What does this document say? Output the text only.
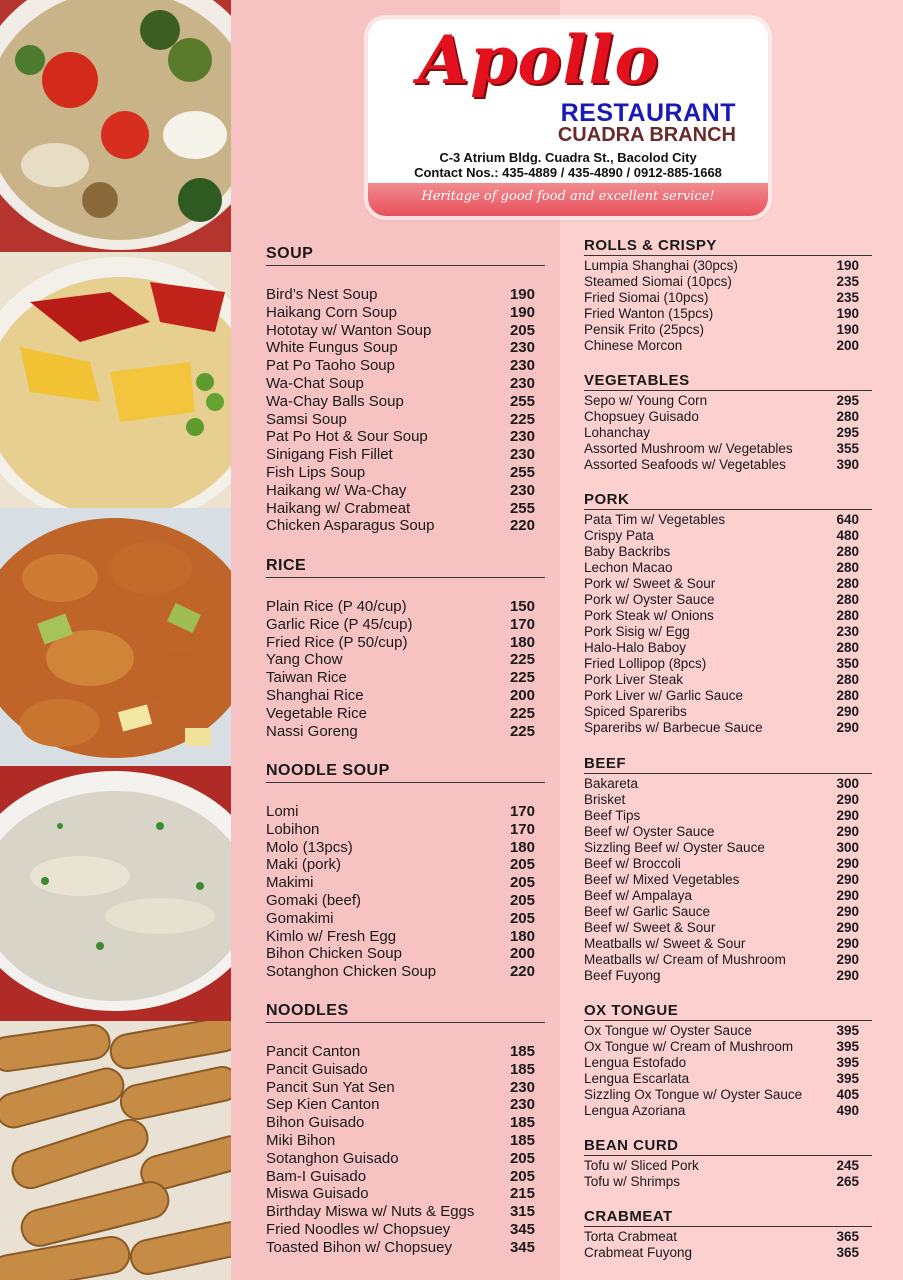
SOUP
Bird’s Nest Soup	190
Haikang Corn Soup	190
Hototay w/ Wanton Soup	205
White Fungus Soup	230
Pat Po Taoho Soup	230
Wa-Chat Soup	230
Wa-Chay Balls Soup	255
Samsi Soup	225
Pat Po Hot & Sour Soup	230
Sinigang Fish Fillet	230
Fish Lips Soup	255
Haikang w/ Wa-Chay	230
Haikang w/ Crabmeat	255
Chicken Asparagus Soup	220
RICE
Plain Rice (P 40/cup)	150
Garlic Rice (P 45/cup)	170
Fried Rice (P 50/cup)	180
Yang Chow	225
Taiwan Rice	225
Shanghai Rice	200
Vegetable Rice	225
Nassi Goreng	225
NOODLE SOUP
Lomi	170
Lobihon	170
Molo (13pcs)	180
Maki (pork)	205
Makimi	205
Gomaki (beef)	205
Gomakimi	205
Kimlo w/ Fresh Egg	180
Bihon Chicken Soup	200
Sotanghon Chicken Soup	220
NOODLES
Pancit Canton	185
Pancit Guisado	185
Pancit Sun Yat Sen	230
Sep Kien Canton	230
Bihon Guisado	185
Miki Bihon	185
Sotanghon Guisado	205
Bam-I Guisado	205
Miswa Guisado	215
Birthday Miswa w/ Nuts & Eggs 315
Fried Noodles w/ Chopsuey	345
Toasted Bihon w/ Chopsuey	345
ROLLS & CRISPY
Lumpia Shanghai (30pcs)	190
Steamed Siomai (10pcs)	235
Fried Siomai (10pcs)	235
Fried Wanton (15pcs)	190
Pensik Frito (25pcs)	190
Chinese Morcon	200
VEGETABLES
Sepo w/ Young Corn	295
Chopsuey Guisado	280
Lohanchay	295
Assorted Mushroom w/ Vegetables	355
Assorted Seafoods w/ Vegetables	390
PORK
Pata Tim w/ Vegetables	640
Crispy Pata	480
Baby Backribs	280
Lechon Macao	280
Pork w/ Sweet & Sour	280
Pork w/ Oyster Sauce	280
Pork Steak w/ Onions	280
Pork Sisig w/ Egg	230
Halo-Halo Baboy	280
Fried Lollipop (8pcs)	350
Pork Liver Steak	280
Pork Liver w/ Garlic Sauce	280
Spiced Spareribs	290
Spareribs w/ Barbecue Sauce	290
BEEF
Bakareta	300
Brisket	290
Beef Tips	290
Beef w/ Oyster Sauce	290
Sizzling Beef w/ Oyster Sauce	300
Beef w/ Broccoli	290
Beef w/ Mixed Vegetables	290
Beef w/ Ampalaya	290
Beef w/ Garlic Sauce	290
Beef w/ Sweet & Sour	290
Meatballs w/ Sweet & Sour	290
Meatballs w/ Cream of Mushroom	290
Beef Fuyong	290
OX TONGUE
Ox Tongue w/ Oyster Sauce	395
Ox Tongue w/ Cream of Mushroom	395
Lengua Estofado	395
Lengua Escarlata	395
Sizzling Ox Tongue w/ Oyster Sauce	405
Lengua Azoriana	490
BEAN CURD
Tofu w/ Sliced Pork	245
Tofu w/ Shrimps	265
CRABMEAT
Torta Crabmeat	365
Crabmeat Fuyong	365
Apollo
RESTAURANT
CUADRA BRANCH
C-3 Atrium Bldg. Cuadra St., Bacolod City
Contact Nos.: 435-4889 / 435-4890 / 0912-885-1668
Heritage of good food and excellent service!
